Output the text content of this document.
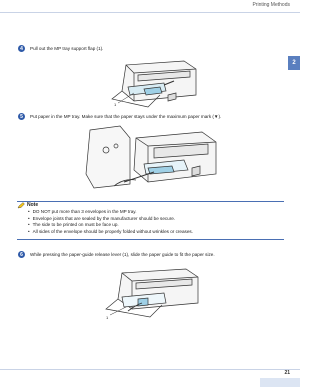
Printing Methods
2
4	Pull out the MP tray support flap (1).
1
5	Put paper in the MP tray. Make sure that the paper stays under the maximum paper mark (▼).
Note
• DO NOT put more than 3 envelopes in the MP tray.
• Envelope joints that are sealed by the manufacturer should be secure.
• The side to be printed on must be face up.
• All sides of the envelope should be properly folded without wrinkles or creases.
6	While pressing the paper-guide release lever (1), slide the paper guide to fit the paper size.
1
21
